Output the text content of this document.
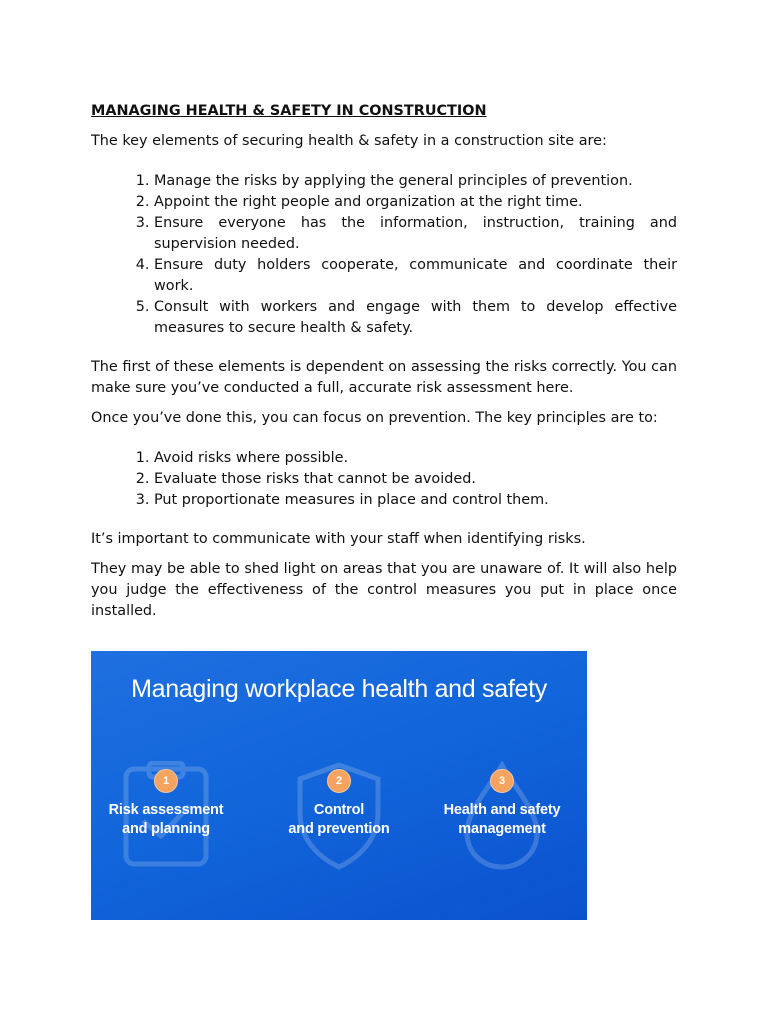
MANAGING HEALTH & SAFETY IN CONSTRUCTION

The key elements of securing health & safety in a construction site are:

1. Manage the risks by applying the general principles of prevention.
2. Appoint the right people and organization at the right time.
3. Ensure everyone has the information, instruction, training and supervision needed.
4. Ensure duty holders cooperate, communicate and coordinate their work.
5. Consult with workers and engage with them to develop effective measures to secure health & safety.

The first of these elements is dependent on assessing the risks correctly. You can make sure you’ve conducted a full, accurate risk assessment here.

Once you’ve done this, you can focus on prevention. The key principles are to:

1. Avoid risks where possible.
2. Evaluate those risks that cannot be avoided.
3. Put proportionate measures in place and control them.

It’s important to communicate with your staff when identifying risks.

They may be able to shed light on areas that you are unaware of. It will also help you judge the effectiveness of the control measures you put in place once installed.

Managing workplace health and safety
1
Risk assessment
and planning
2
Control
and prevention
3
Health and safety
management
